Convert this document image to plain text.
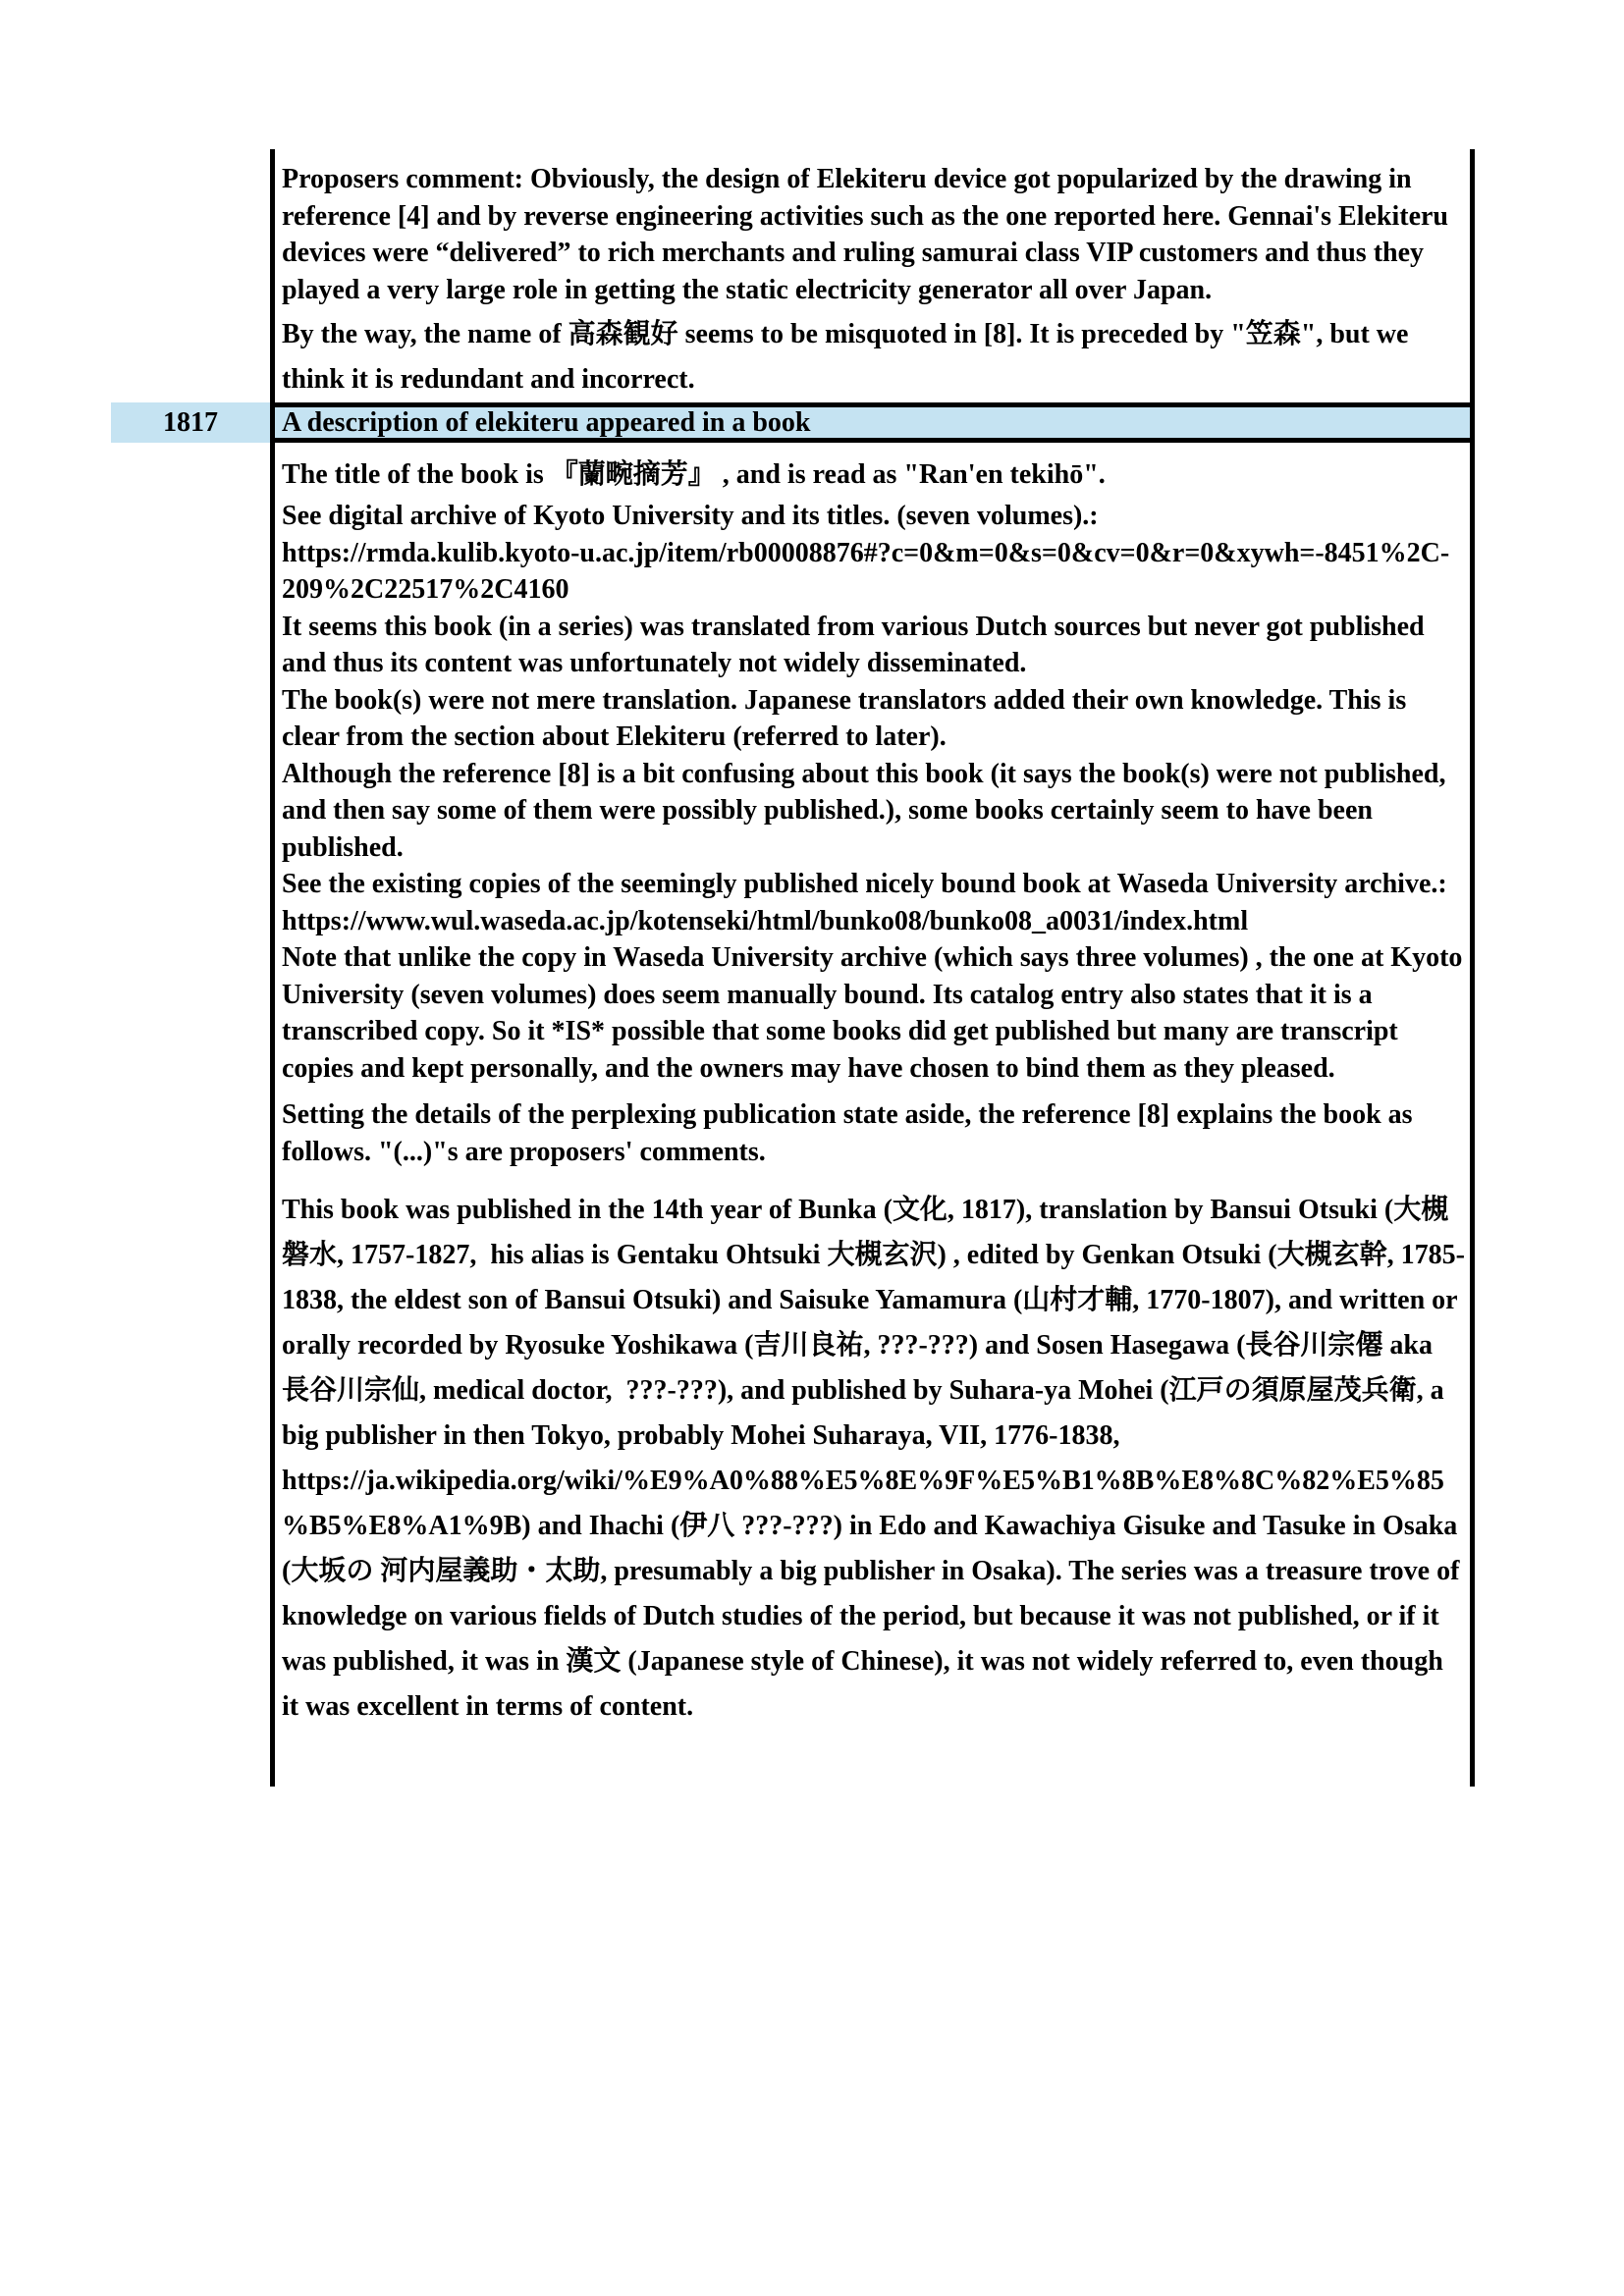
Proposers comment: Obviously, the design of Elekiteru device got popularized by the drawing in reference [4] and by reverse engineering activities such as the one reported here. Gennai's Elekiteru devices were “delivered” to rich merchants and ruling samurai class VIP customers and thus they  played a very large role in getting the static electricity generator all over Japan.

By the way, the name of 高森観好 seems to be misquoted in [8]. It is preceded by "笠森", but we think it is redundant and incorrect.

1817	A description of elekiteru appeared in a book

The title of the book is 『蘭畹摘芳』 , and is read as "Ran'en tekihō".

See digital archive of Kyoto University and its titles. (seven volumes).:
https://rmda.kulib.kyoto-u.ac.jp/item/rb00008876#?c=0&m=0&s=0&cv=0&r=0&xywh=-8451%2C-209%2C22517%2C4160

It seems this book (in a series) was translated from various Dutch sources but never got published and thus its content was unfortunately not widely disseminated.

The book(s) were not mere translation. Japanese translators added their own knowledge. This is clear from the section about Elekiteru (referred to later).

Although the reference [8] is a bit confusing about this book (it says the book(s) were not published, and then say some of them were possibly published.), some books certainly seem to have been published.

See the existing copies of the seemingly published nicely bound book at Waseda University archive.: https://www.wul.waseda.ac.jp/kotenseki/html/bunko08/bunko08_a0031/index.html

Note that unlike the copy in Waseda University archive (which says three volumes) , the one at Kyoto University (seven volumes) does seem manually bound. Its catalog entry also states that it is a transcribed copy. So it *IS* possible that some books did get published but many are transcript copies and kept personally, and the owners may have chosen to bind them as they pleased.

Setting the details of the perplexing publication state aside, the reference [8] explains the book as follows. "(...)"s are proposers' comments.

This book was published in the 14th year of Bunka (文化, 1817), translation by Bansui Otsuki (大槻磐水, 1757-1827,  his alias is Gentaku Ohtsuki 大槻玄沢) , edited by Genkan Otsuki (大槻玄幹, 1785-1838, the eldest son of Bansui Otsuki) and Saisuke Yamamura (山村才輔, 1770-1807), and written or orally recorded by Ryosuke Yoshikawa (吉川良祐, ???-???) and Sosen Hasegawa (長谷川宗僊 aka 長谷川宗仙, medical doctor,  ???-???), and published by Suhara-ya Mohei (江戸の須原屋茂兵衛, a big publisher in then Tokyo, probably Mohei Suharaya, VII, 1776-1838,
https://ja.wikipedia.org/wiki/%E9%A0%88%E5%8E%9F%E5%B1%8B%E8%8C%82%E5%85%B5%E8%A1%9B) and Ihachi (伊八 ???-???) in Edo and Kawachiya Gisuke and Tasuke in Osaka (大坂の 河内屋義助・太助, presumably a big publisher in Osaka). The series was a treasure trove of knowledge on various fields of Dutch studies of the period, but because it was not published, or if it was published, it was in 漢文 (Japanese style of Chinese), it was not widely referred to, even though it was excellent in terms of content.
